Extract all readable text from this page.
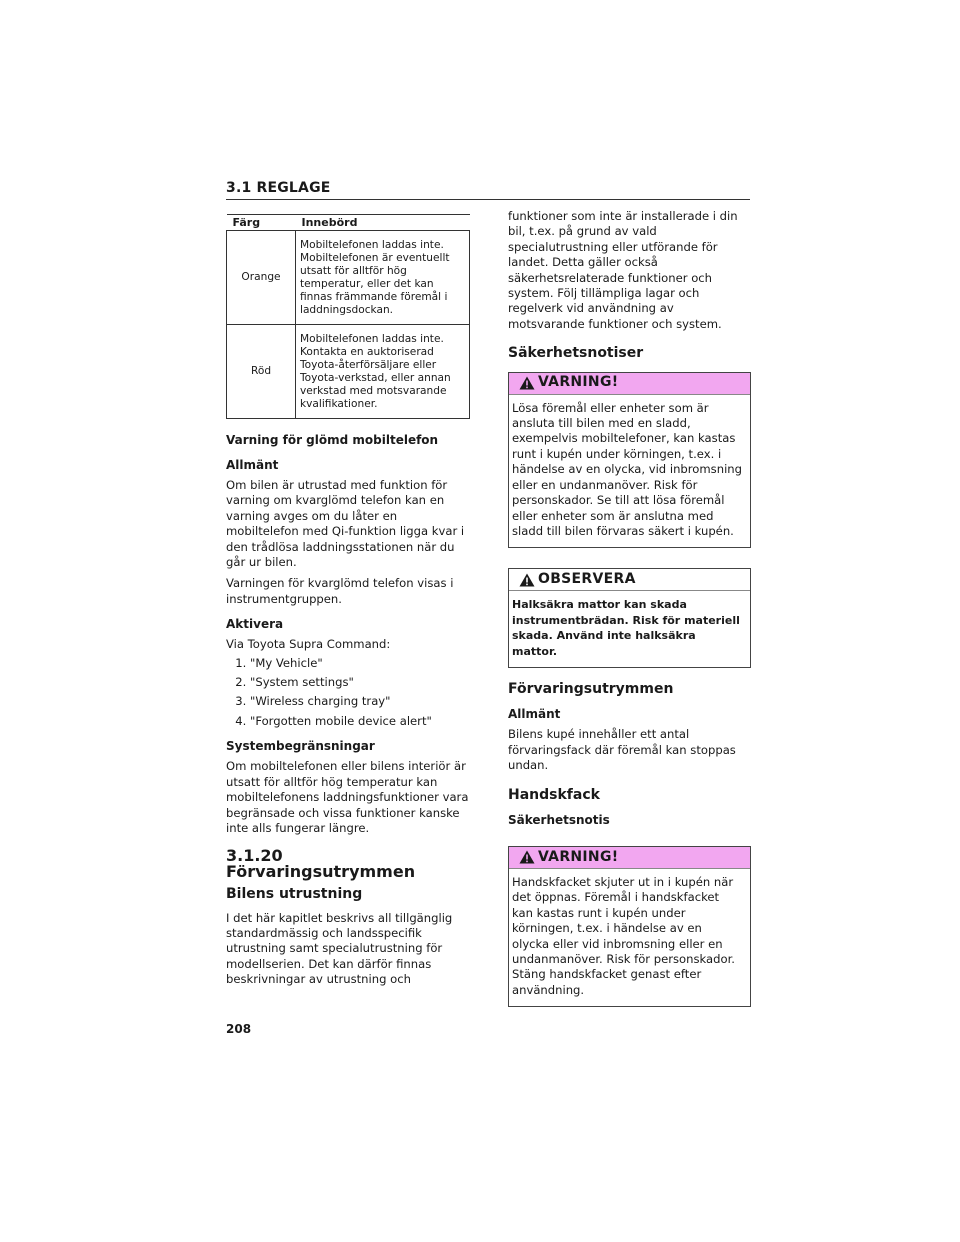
3.1 REGLAGE
Färg	Innebörd
Orange	Mobiltelefonen laddas inte. Mobiltelefonen är eventuellt utsatt för alltför hög temperatur, eller det kan finnas främmande föremål i laddningsdockan.
Röd	Mobiltelefonen laddas inte. Kontakta en auktoriserad Toyota-återförsäljare eller Toyota-verkstad, eller annan verkstad med motsvarande kvalifikationer.
Varning för glömd mobiltelefon
Allmänt

Om bilen är utrustad med funktion för varning om kvarglömd telefon kan en varning avges om du låter en mobiltelefon med Qi-funktion ligga kvar i den trådlösa laddningsstationen när du går ur bilen.

Varningen för kvarglömd telefon visas i instrumentgruppen.

Aktivera

Via Toyota Supra Command:

1. "My Vehicle"
2. "System settings"
3. "Wireless charging tray"
4. "Forgotten mobile device alert"
Systembegränsningar

Om mobiltelefonen eller bilens interiör är utsatt för alltför hög temperatur kan mobiltelefonens laddningsfunktioner vara begränsade och vissa funktioner kanske inte alls fungerar längre.

3.1.20 Förvaringsutrymmen
Bilens utrustning

I det här kapitlet beskrivs all tillgänglig standardmässig och landsspecifik utrustning samt specialutrustning för modellserien. Det kan därför finnas beskrivningar av utrustning och

funktioner som inte är installerade i din bil, t.ex. på grund av vald specialutrustning eller utförande för landet. Detta gäller också säkerhetsrelaterade funktioner och system. Följ tillämpliga lagar och regelverk vid användning av motsvarande funktioner och system.

Säkerhetsnotiser
VARNING!
Lösa föremål eller enheter som är ansluta till bilen med en sladd, exempelvis mobiltelefoner, kan kastas runt i kupén under körningen, t.ex. i händelse av en olycka, vid inbromsning eller en undanmanöver. Risk för personskador. Se till att lösa föremål eller enheter som är anslutna med sladd till bilen förvaras säkert i kupén.
OBSERVERA
Halksäkra mattor kan skada instrumentbrädan. Risk för materiell skada. Använd inte halksäkra mattor.
Förvaringsutrymmen
Allmänt

Bilens kupé innehåller ett antal förvaringsfack där föremål kan stoppas undan.

Handskfack
Säkerhetsnotis
VARNING!
Handskfacket skjuter ut in i kupén när det öppnas. Föremål i handskfacket kan kastas runt i kupén under körningen, t.ex. i händelse av en olycka eller vid inbromsning eller en undanmanöver. Risk för personskador. Stäng handskfacket genast efter användning.
208
